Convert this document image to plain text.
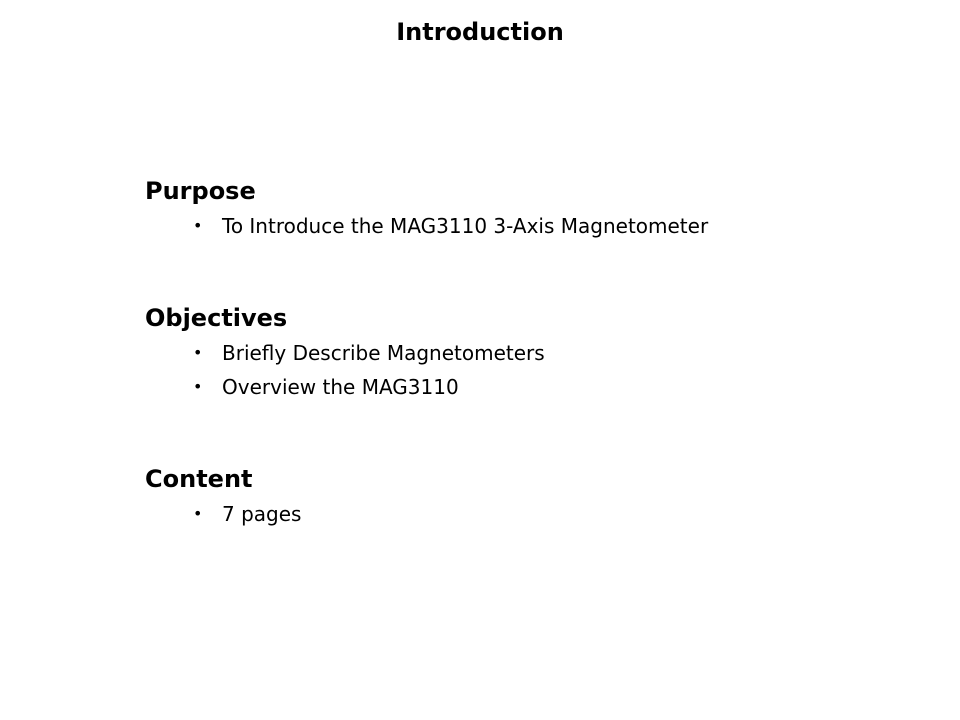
Introduction
Purpose
• To Introduce the MAG3110 3-Axis Magnetometer
Objectives
• Briefly Describe Magnetometers
• Overview the MAG3110
Content
• 7 pages
